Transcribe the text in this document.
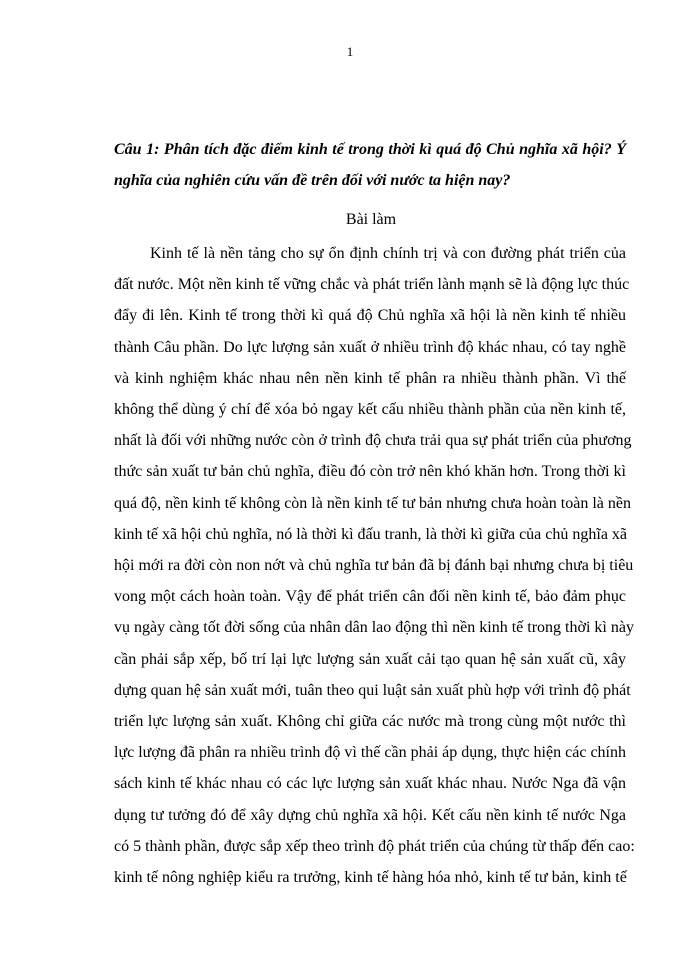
1

Câu 1: Phân tích đặc điểm kinh tế trong thời kì quá độ Chủ nghĩa xã hội? Ý nghĩa của nghiên cứu vấn đề trên đối với nước ta hiện nay?

Bài làm

Kinh tế là nền tảng cho sự ổn định chính trị và con đường phát triển của
đất nước. Một nền kinh tế vững chắc và phát triển lành mạnh sẽ là động lực thúc
đẩy đi lên. Kinh tế trong thời kì quá độ Chủ nghĩa xã hội là nền kinh tế nhiều
thành Câu phần. Do lực lượng sản xuất ở nhiều trình độ khác nhau, có tay nghề
và kinh nghiệm khác nhau nên nền kinh tế phân ra nhiều thành phần. Vì thế
không thể dùng ý chí để xóa bỏ ngay kết cấu nhiều thành phần của nền kinh tế,
nhất là đối với những nước còn ở trình độ chưa trải qua sự phát triển của phương
thức sản xuất tư bản chủ nghĩa, điều đó còn trở nên khó khăn hơn. Trong thời kì
quá độ, nền kinh tế không còn là nền kinh tế tư bản nhưng chưa hoàn toàn là nền
kinh tế xã hội chủ nghĩa, nó là thời kì đấu tranh, là thời kì giữa của chủ nghĩa xã
hội mới ra đời còn non nớt và chủ nghĩa tư bản đã bị đánh bại nhưng chưa bị tiêu
vong một cách hoàn toàn. Vậy để phát triển cân đối nền kinh tế, bảo đảm phục
vụ ngày càng tốt đời sống của nhân dân lao động thì nền kinh tế trong thời kì này
cần phải sắp xếp, bố trí lại lực lượng sản xuất cải tạo quan hệ sản xuất cũ, xây
dựng quan hệ sản xuất mới, tuân theo qui luật sản xuất phù hợp với trình độ phát
triển lực lượng sản xuất. Không chỉ giữa các nước mà trong cùng một nước thì
lực lượng đã phân ra nhiều trình độ vì thế cần phải áp dụng, thực hiện các chính
sách kinh tế khác nhau có các lực lượng sản xuất khác nhau. Nước Nga đã vận
dụng tư tưởng đó để xây dựng chủ nghĩa xã hội. Kết cấu nền kinh tế nước Nga
có 5 thành phần, được sắp xếp theo trình độ phát triển của chúng từ thấp đến cao:
kinh tế nông nghiệp kiểu ra trưởng, kinh tế hàng hóa nhỏ, kinh tế tư bản, kinh tế
